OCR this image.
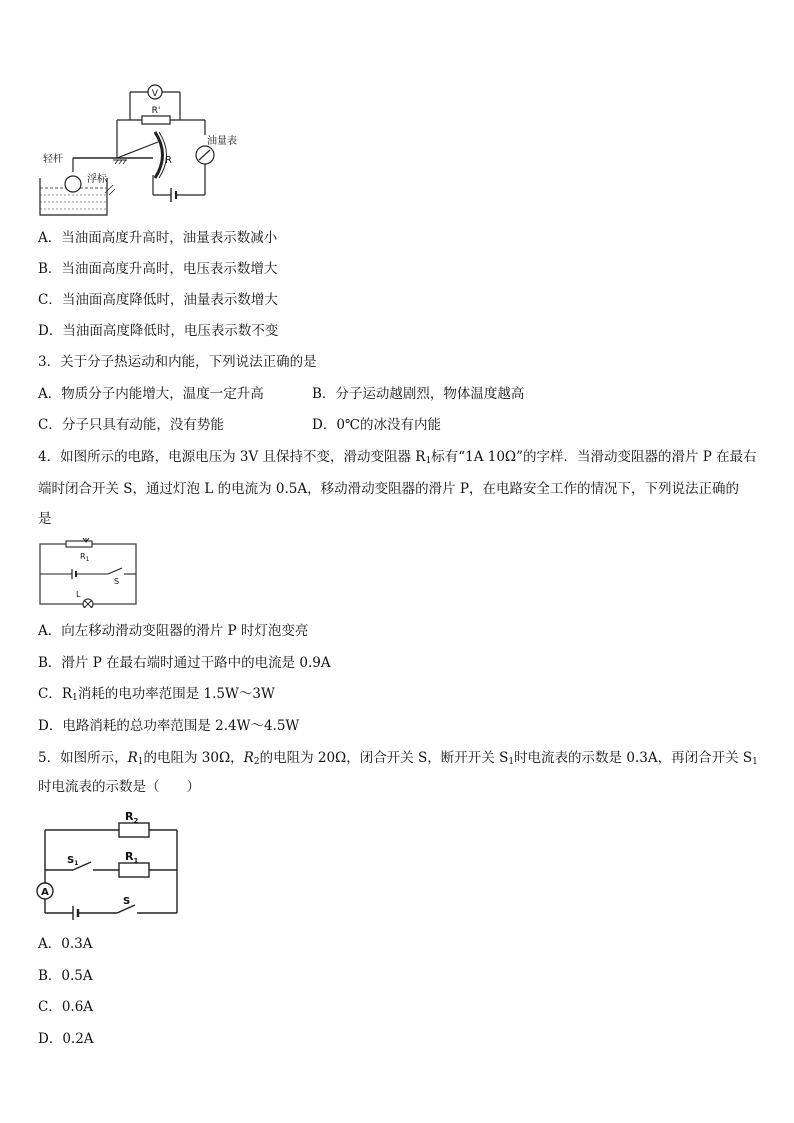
V
R'
油量表
R
轻杆
浮标
A．当油面高度升高时，油量表示数减小
B．当油面高度升高时，电压表示数增大
C．当油面高度降低时，油量表示数增大
D．当油面高度降低时，电压表示数不变
3．关于分子热运动和内能，下列说法正确的是
A．物质分子内能增大，温度一定升高	B．分子运动越剧烈，物体温度越高
C．分子只具有动能，没有势能	D．0℃的冰没有内能
4．如图所示的电路，电源电压为 3V 且保持不变，滑动变阻器 $R_1$标有“1A 10Ω”的字样．当滑动变阻器的滑片 P 在最右
端时闭合开关 S，通过灯泡 L 的电流为 0.5A，移动滑动变阻器的滑片 P，在电路安全工作的情况下，下列说法正确的
是
$R_1$
S
L
A．向左移动滑动变阻器的滑片 P 时灯泡变亮
B．滑片 P 在最右端时通过干路中的电流是 0.9A
C．$R_1$消耗的电功率范围是 1.5W～3W
D．电路消耗的总功率范围是 2.4W～4.5W
5．如图所示，$R_1$的电阻为 30Ω，$R_2$的电阻为 20Ω，闭合开关 S，断开开关 $S_1$时电流表的示数是 0.3A，再闭合开关 $S_1$
时电流表的示数是（　　）
$R_2$
$R_1$
$S_1$
A
S
A．0.3A
B．0.5A
C．0.6A
D．0.2A
